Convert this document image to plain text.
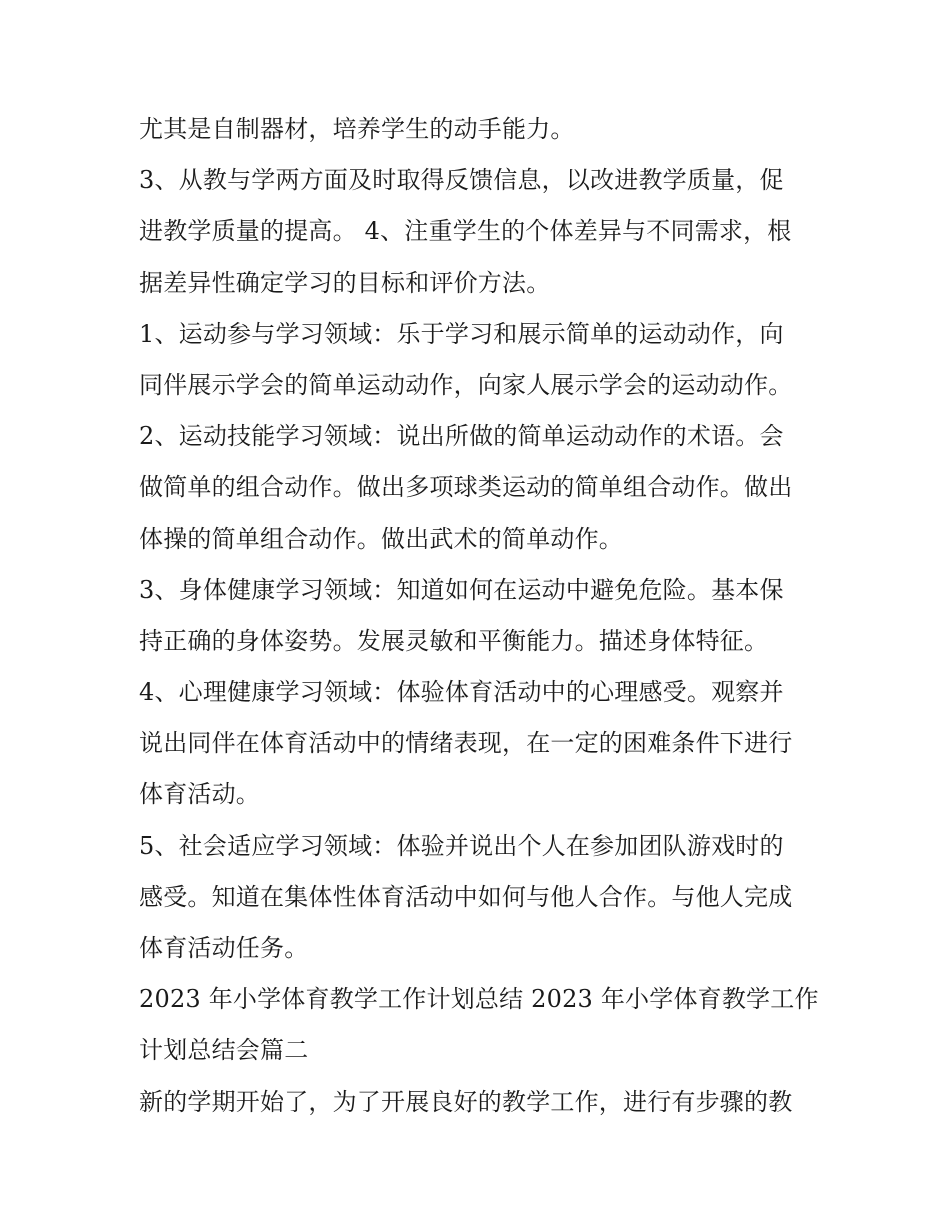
尤其是自制器材，培养学生的动手能力。
3、从教与学两方面及时取得反馈信息，以改进教学质量，促
进教学质量的提高。 4、注重学生的个体差异与不同需求，根
据差异性确定学习的目标和评价方法。
1、运动参与学习领域：乐于学习和展示简单的运动动作，向
同伴展示学会的简单运动动作，向家人展示学会的运动动作。
2、运动技能学习领域：说出所做的简单运动动作的术语。会
做简单的组合动作。做出多项球类运动的简单组合动作。做出
体操的简单组合动作。做出武术的简单动作。
3、身体健康学习领域：知道如何在运动中避免危险。基本保
持正确的身体姿势。发展灵敏和平衡能力。描述身体特征。
4、心理健康学习领域：体验体育活动中的心理感受。观察并
说出同伴在体育活动中的情绪表现，在一定的困难条件下进行
体育活动。
5、社会适应学习领域：体验并说出个人在参加团队游戏时的
感受。知道在集体性体育活动中如何与他人合作。与他人完成
体育活动任务。
2023 年小学体育教学工作计划总结 2023 年小学体育教学工作
计划总结会篇二
新的学期开始了，为了开展良好的教学工作，进行有步骤的教
